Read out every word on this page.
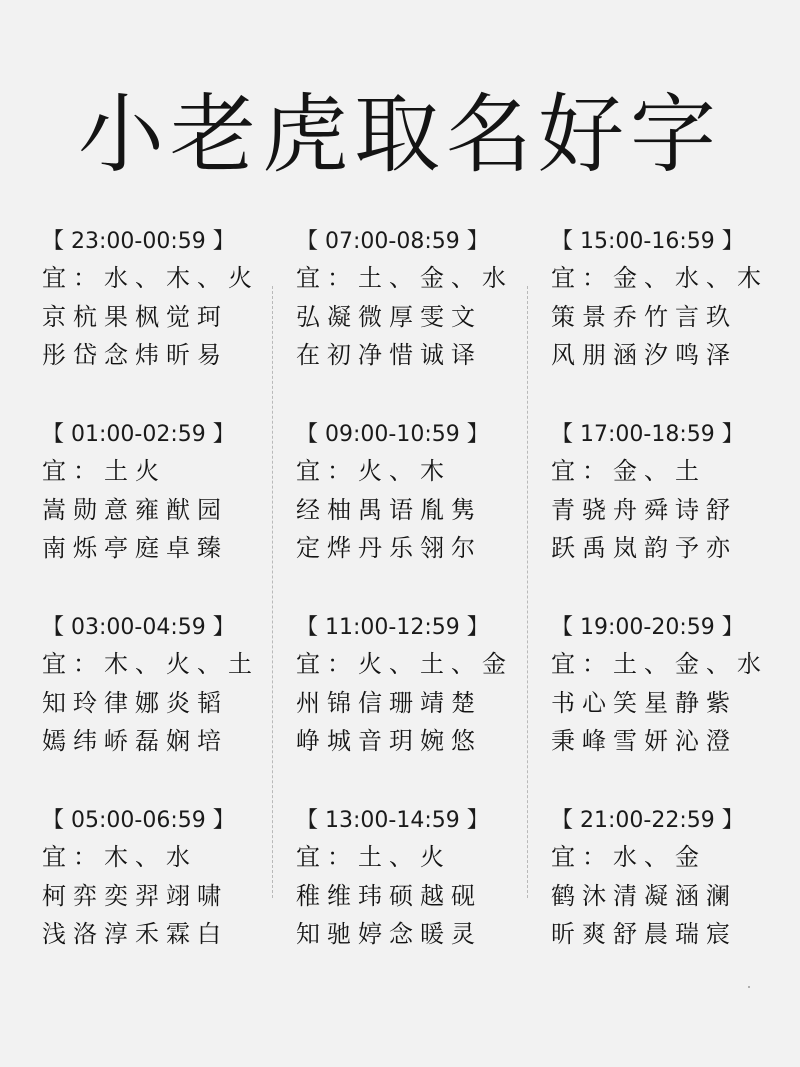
小老虎取名好字
【 23:00-00:59 】
宜：水、木、火
京杭果枫觉珂
彤岱念炜昕易
【 01:00-02:59 】
宜：土火
嵩勋意雍猷园
南烁亭庭卓臻
【 03:00-04:59 】
宜：木、火、土
知玲律娜炎韬
嫣纬峤磊娴培
【 05:00-06:59 】
宜：木、水
柯弈奕羿翊啸
浅洛淳禾霖白
【 07:00-08:59 】
宜：土、金、水
弘凝微厚雯文
在初净惜诚译
【 09:00-10:59 】
宜：火、木
经柚禺语胤隽
定烨丹乐翎尔
【 11:00-12:59 】
宜：火、土、金
州锦信珊靖楚
峥城音玥婉悠
【 13:00-14:59 】
宜：土、火
稚维玮硕越砚
知驰婷念暖灵
【 15:00-16:59 】
宜：金、水、木
策景乔竹言玖
风朋涵汐鸣泽
【 17:00-18:59 】
宜：金、土
青骁舟舜诗舒
跃禹岚韵予亦
【 19:00-20:59 】
宜：土、金、水
书心笑星静紫
秉峰雪妍沁澄
【 21:00-22:59 】
宜：水、金
鹤沐清凝涵澜
昕爽舒晨瑞宸
